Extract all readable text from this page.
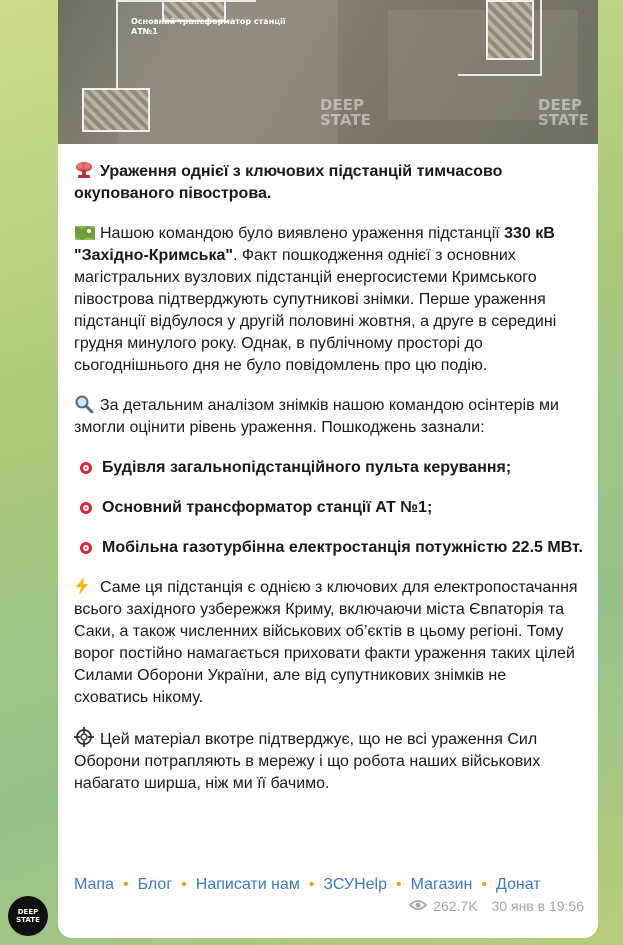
Основний трансформатор станції
АТ№1
DEEP
STATE
DEEP
STATE

Ураження однієї з ключових підстанцій тимчасово окупованого півострова.

Нашою командою було виявлено ураження підстанції 330 кВ "Західно-Кримська". Факт пошкодження однієї з основних магістральних вузлових підстанцій енергосистеми Кримського півострова підтверджують супутникові знімки. Перше ураження підстанції відбулося у другій половині жовтня, а друге в середині грудня минулого року. Однак, в публічному просторі до сьогоднішнього дня не було повідомлень про цю подію.

За детальним аналізом знімків нашою командою осінтерів ми змогли оцінити рівень ураження. Пошкоджень зазнали:

Будівля загальнопідстанційного пульта керування;

Основний трансформатор станції АТ №1;

Мобільна газотурбінна електростанція потужністю 22.5 МВт.

Саме ця підстанція є однією з ключових для електропостачання всього західного узбережжя Криму, включаючи міста Євпаторія та Саки, а також численних військових об’єктів в цьому регіоні. Тому ворог постійно намагається приховати факти ураження таких цілей Силами Оборони України, але від супутникових знімків не сховатись нікому.

Цей матеріал вкотре підтверджує, що не всі ураження Сил Оборони потрапляють в мережу і що робота наших військових набагато ширша, ніж ми її бачимо.

Мапа • Блог • Написати нам • ЗСУHelp • Магазин • Донат
262.7K 30 янв в 19:56
DEEP
STATE
